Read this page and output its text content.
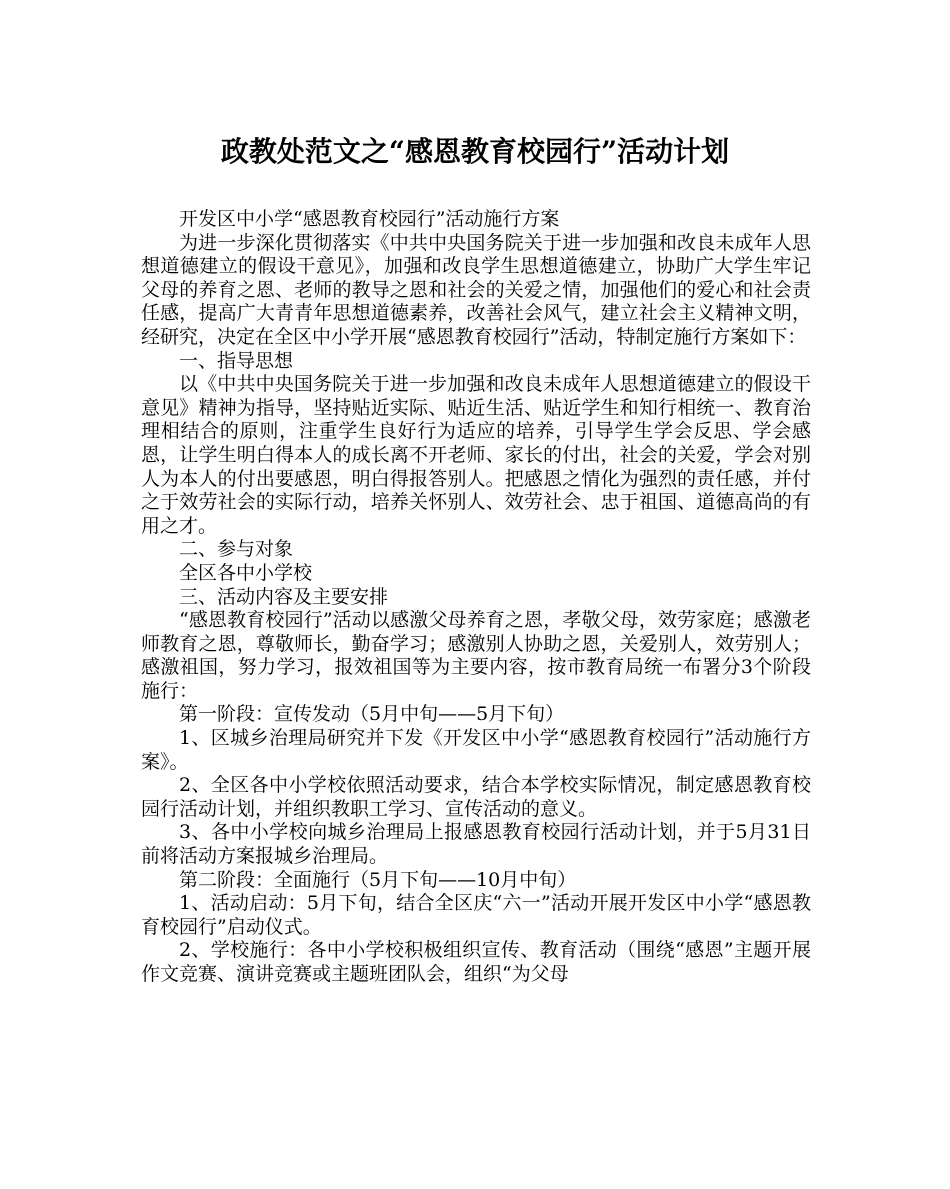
政教处范文之“感恩教育校园行”活动计划

开发区中小学“感恩教育校园行”活动施行方案

为进一步深化贯彻落实《中共中央国务院关于进一步加强和改良未成年人思想道德建立的假设干意见》，加强和改良学生思想道德建立，协助广大学生牢记父母的养育之恩、老师的教导之恩和社会的关爱之情，加强他们的爱心和社会责任感，提高广大青青年思想道德素养，改善社会风气，建立社会主义精神文明，经研究，决定在全区中小学开展“感恩教育校园行”活动，特制定施行方案如下：

一、指导思想

以《中共中央国务院关于进一步加强和改良未成年人思想道德建立的假设干意见》精神为指导，坚持贴近实际、贴近生活、贴近学生和知行相统一、教育治理相结合的原则，注重学生良好行为适应的培养，引导学生学会反思、学会感恩，让学生明白得本人的成长离不开老师、家长的付出，社会的关爱，学会对别人为本人的付出要感恩，明白得报答别人。把感恩之情化为强烈的责任感，并付之于效劳社会的实际行动，培养关怀别人、效劳社会、忠于祖国、道德高尚的有用之才。

二、参与对象

全区各中小学校

三、活动内容及主要安排

“感恩教育校园行”活动以感激父母养育之恩，孝敬父母，效劳家庭；感激老师教育之恩，尊敬师长，勤奋学习；感激别人协助之恩，关爱别人，效劳别人；感激祖国，努力学习，报效祖国等为主要内容，按市教育局统一布署分3个阶段施行：

第一阶段：宣传发动（5月中旬——5月下旬）

1、区城乡治理局研究并下发《开发区中小学“感恩教育校园行”活动施行方案》。

2、全区各中小学校依照活动要求，结合本学校实际情况，制定感恩教育校园行活动计划，并组织教职工学习、宣传活动的意义。

3、各中小学校向城乡治理局上报感恩教育校园行活动计划，并于5月31日前将活动方案报城乡治理局。

第二阶段：全面施行（5月下旬——10月中旬）

1、活动启动：5月下旬，结合全区庆“六一”活动开展开发区中小学“感恩教育校园行”启动仪式。

2、学校施行：各中小学校积极组织宣传、教育活动（围绕“感恩”主题开展作文竞赛、演讲竞赛或主题班团队会，组织“为父母
